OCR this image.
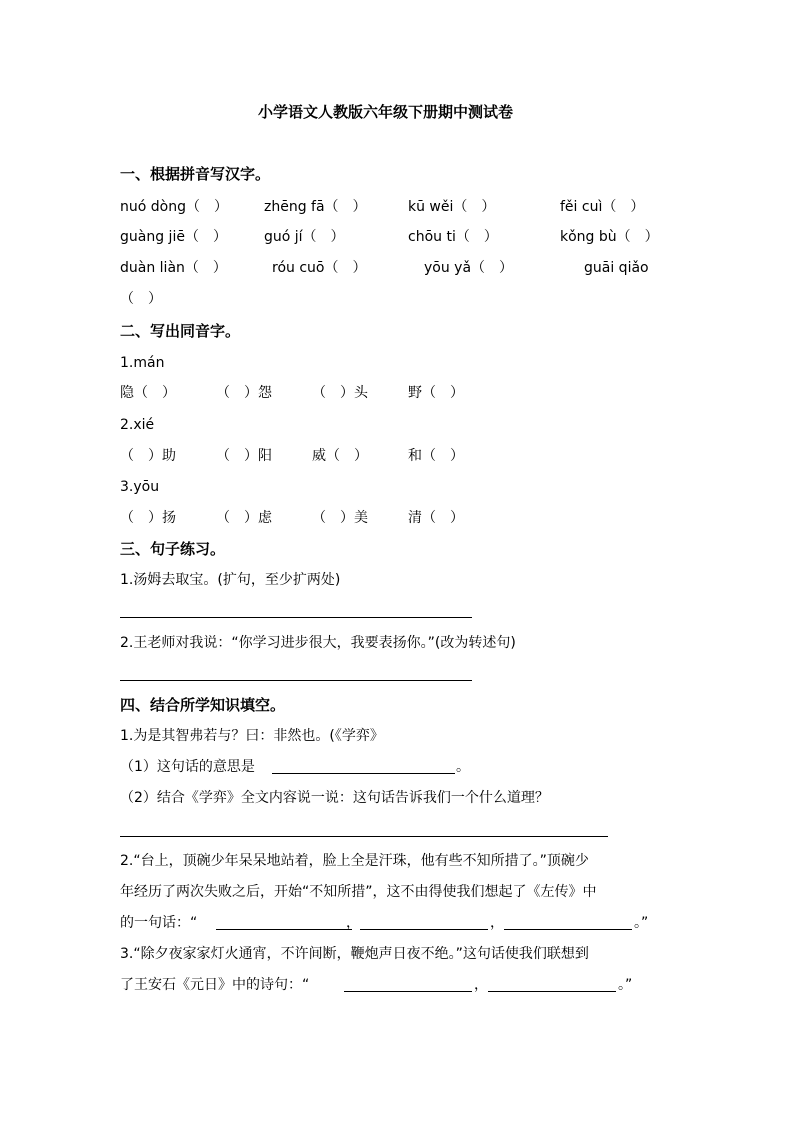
小学语文人教版六年级下册期中测试卷
一、根据拼音写汉字。
nuó dòng（　）	zhēng fā（　）	kū wěi（　）	fěi cuì（　）
guàng jiē（　）	guó jí（　）	chōu ti（　）	kǒng bù（　）
duàn liàn（　）	róu cuō（　）	yōu yǎ（　）	guāi qiǎo
（　）
二、写出同音字。
1.mán
隐（　）	（　）怨	（　）头	野（　）
2.xié
（　）助	（　）阳	威（　）	和（　）
3.yōu
（　）扬	（　）虑	（　）美	清（　）
三、句子练习。
1.汤姆去取宝。(扩句，至少扩两处)
2.王老师对我说：“你学习进步很大，我要表扬你。”(改为转述句)
四、结合所学知识填空。
1.为是其智弗若与？曰：非然也。(《学弈》
（1）这句话的意思是	。
（2）结合《学弈》全文内容说一说：这句话告诉我们一个什么道理？
2.“台上，顶碗少年呆呆地站着，脸上全是汗珠，他有些不知所措了。”顶碗少
年经历了两次失败之后，开始“不知所措”，这不由得使我们想起了《左传》中
的一句话：“	，	，	。”
3.“除夕夜家家灯火通宵，不许间断，鞭炮声日夜不绝。”这句话使我们联想到
了王安石《元日》中的诗句：“	，	。”
